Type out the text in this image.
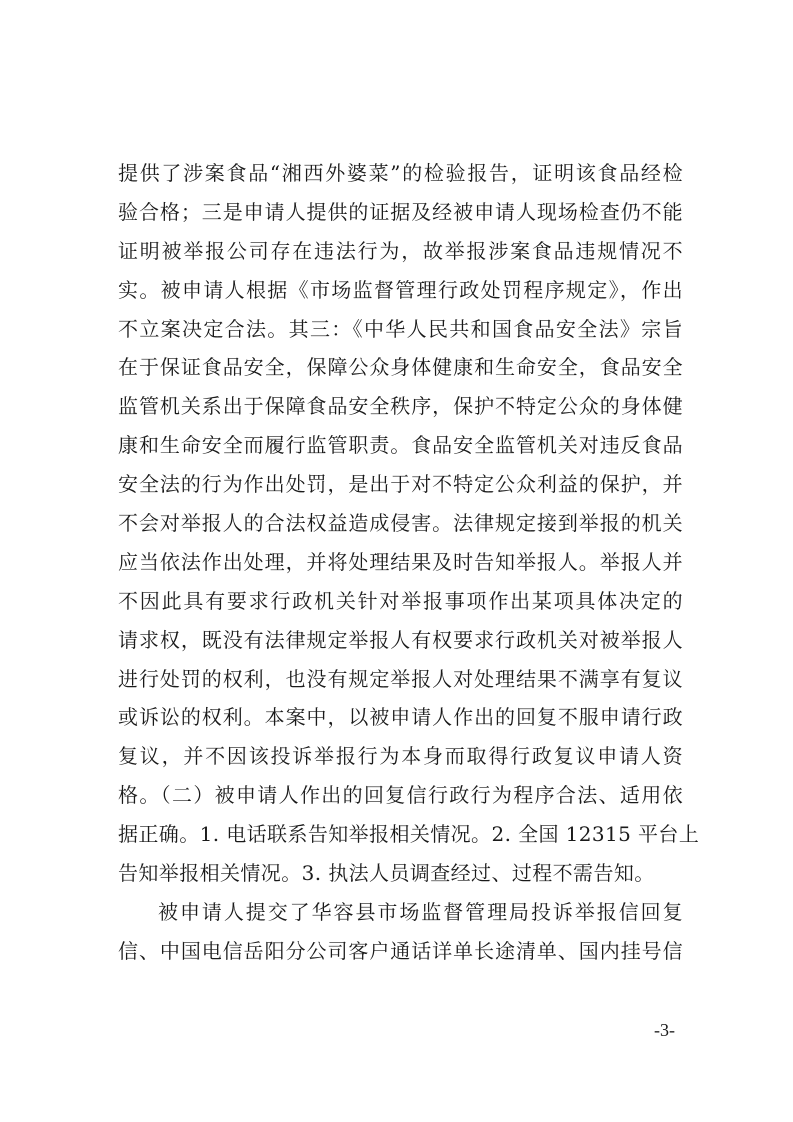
提供了涉案食品“湘西外婆菜”的检验报告，证明该食品经检
验合格；三是申请人提供的证据及经被申请人现场检查仍不能
证明被举报公司存在违法行为，故举报涉案食品违规情况不
实。被申请人根据《市场监督管理行政处罚程序规定》，作出
不立案决定合法。其三：《中华人民共和国食品安全法》宗旨
在于保证食品安全，保障公众身体健康和生命安全，食品安全
监管机关系出于保障食品安全秩序，保护不特定公众的身体健
康和生命安全而履行监管职责。食品安全监管机关对违反食品
安全法的行为作出处罚，是出于对不特定公众利益的保护，并
不会对举报人的合法权益造成侵害。法律规定接到举报的机关
应当依法作出处理，并将处理结果及时告知举报人。举报人并
不因此具有要求行政机关针对举报事项作出某项具体决定的
请求权，既没有法律规定举报人有权要求行政机关对被举报人
进行处罚的权利，也没有规定举报人对处理结果不满享有复议
或诉讼的权利。本案中，以被申请人作出的回复不服申请行政
复议，并不因该投诉举报行为本身而取得行政复议申请人资
格。（二）被申请人作出的回复信行政行为程序合法、适用依
据正确。1. 电话联系告知举报相关情况。2. 全国 12315 平台上
告知举报相关情况。3. 执法人员调查经过、过程不需告知。
被申请人提交了华容县市场监督管理局投诉举报信回复
信、中国电信岳阳分公司客户通话详单长途清单、国内挂号信
-3-
